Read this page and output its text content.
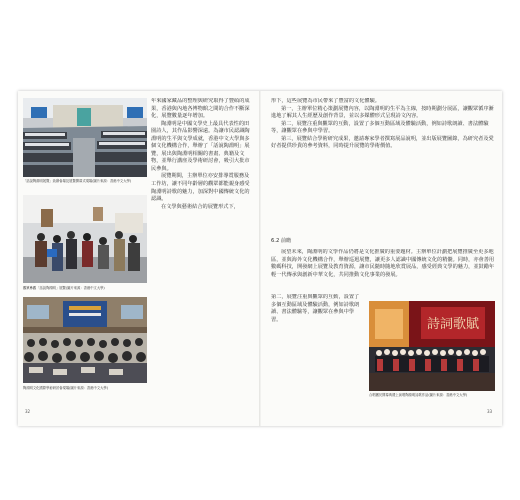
「話說陶淵明展覽」致辭會場及展覽開幕式現場(圖片來源：香港中文大學)
觀眾參觀「話說陶淵明」展覽(圖片來源：香港中文大學)
陶淵明文化國際學術研討會現場(圖片來源：香港中文大學)

年來國家藏品的整理與研究取得了豐碩的成果，香港與內地各博物館之間的合作不斷深化，展覽數量逐年增加。

陶淵明是中國文學史上最具代表性的田園詩人，其作品影響深遠。為讓市民認識陶淵明的生平與文學成就，香港中文大學與多個文化機構合作，舉辦了「話說陶淵明」展覽，展出與陶淵明相關的書畫、典籍及文物，並舉行講座及學術研討會，吸引大批市民參與。

展覽期間，主辦單位亦安排導賞服務及工作坊，讓不同年齡層的觀眾都能親身感受陶淵明詩歌的魅力，加深對中國傳統文化的認識。

在文學與藝術結合的展覽形式下，

32

形下，這些展覽為市民帶來了豐富的文化體驗。

第一，主辦單位精心策劃展覽內容，以陶淵明的生平為主線，按時期劃分展區，讓觀眾循序漸進地了解其人生經歷及創作背景，並以多媒體形式呈現詩文內容。

第二，展覽注重與觀眾的互動，設置了多個互動區域及體驗活動，例如詩歌朗讀、書法體驗等，讓觀眾在參與中學習。

第三，展覽結合學術研究成果，邀請專家學者撰寫展品說明，並出版展覽圖錄，為研究者及愛好者提供珍貴的參考資料，同時提升展覽的學術價值。

6.2 前瞻

展望未來，陶淵明的文學作品仍將是文化推廣的重要題材。主辦單位計劃把展覽推廣至更多地區，並與海外文化機構合作，舉辦巡迴展覽，讓更多人認識中國傳統文化的精髓。同時，亦會善用數碼科技，開發網上展覽及教育資源，讓市民隨時隨地欣賞展品，感受經典文學的魅力，並鼓勵年輕一代傳承與創新中華文化，共同推動文化事業的發展。

第二，展覽注重與觀眾的互動，設置了多個互動區域及體驗活動，例如詩歌朗讀、書法體驗等，讓觀眾在參與中學習。	詩詞歌賦
合唱團於開幕典禮上演唱陶淵明詩歌作品(圖片來源：香港中文大學)
33
